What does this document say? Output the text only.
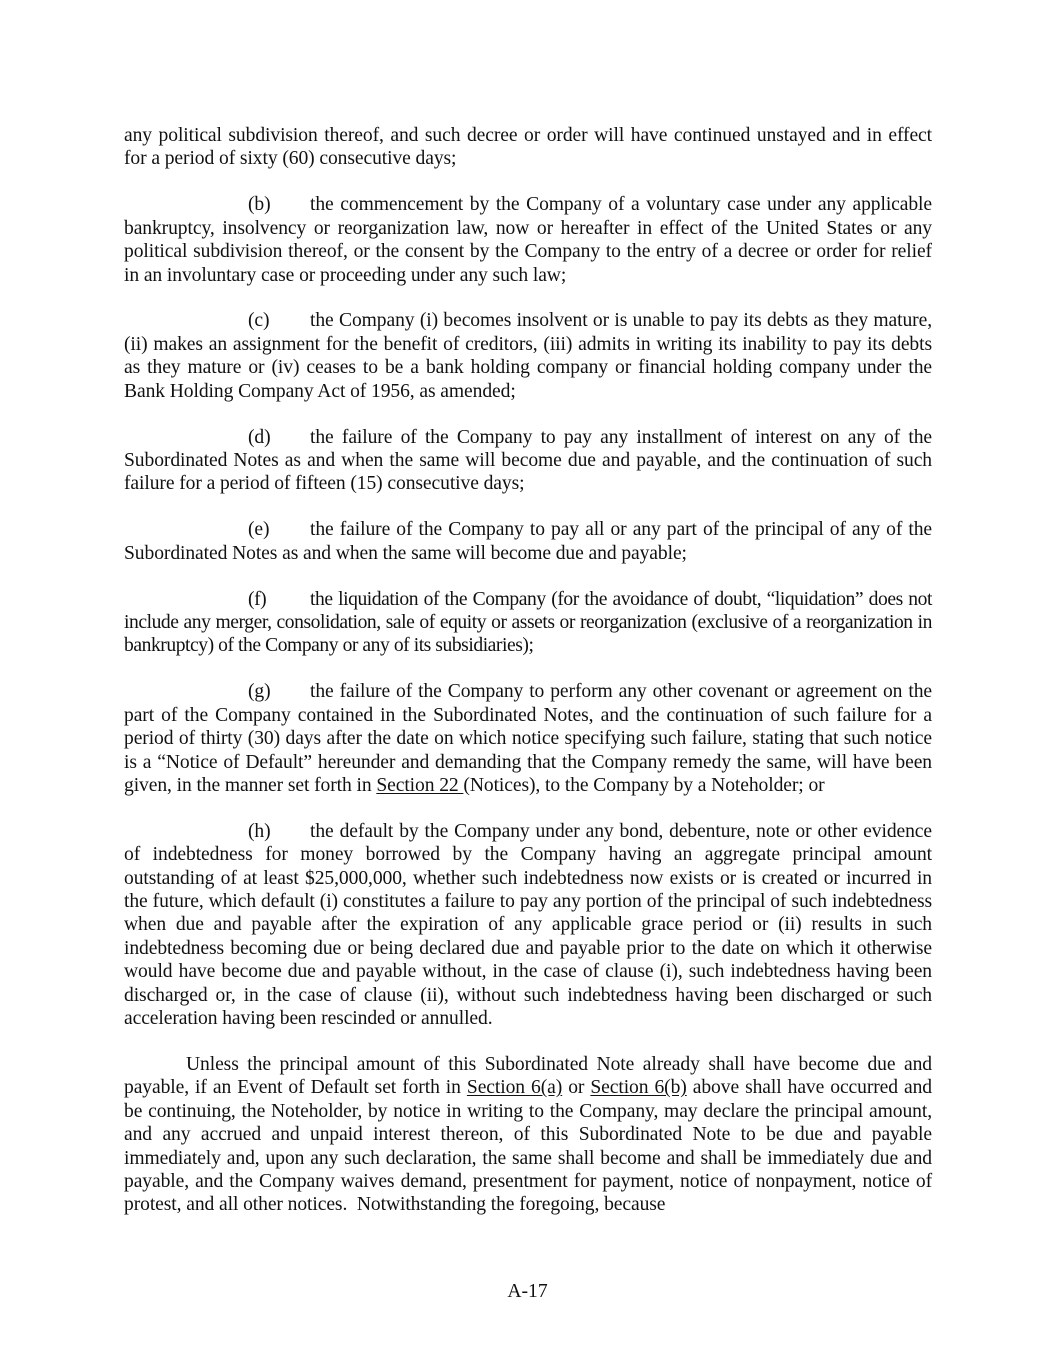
any political subdivision thereof, and such decree or order will have continued unstayed and in effect for a period of sixty (60) consecutive days;

(b) the commencement by the Company of a voluntary case under any applicable bankruptcy, insolvency or reorganization law, now or hereafter in effect of the United States or any political subdivision thereof, or the consent by the Company to the entry of a decree or order for relief in an involuntary case or proceeding under any such law;

(c) the Company (i) becomes insolvent or is unable to pay its debts as they mature, (ii) makes an assignment for the benefit of creditors, (iii) admits in writing its inability to pay its debts as they mature or (iv) ceases to be a bank holding company or financial holding company under the Bank Holding Company Act of 1956, as amended;

(d) the failure of the Company to pay any installment of interest on any of the Subordinated Notes as and when the same will become due and payable, and the continuation of such failure for a period of fifteen (15) consecutive days;

(e) the failure of the Company to pay all or any part of the principal of any of the Subordinated Notes as and when the same will become due and payable;

(f) the liquidation of the Company (for the avoidance of doubt, “liquidation” does not include any merger, consolidation, sale of equity or assets or reorganization (exclusive of a reorganization in bankruptcy) of the Company or any of its subsidiaries);

(g) the failure of the Company to perform any other covenant or agreement on the part of the Company contained in the Subordinated Notes, and the continuation of such failure for a period of thirty (30) days after the date on which notice specifying such failure, stating that such notice is a “Notice of Default” hereunder and demanding that the Company remedy the same, will have been given, in the manner set forth in Section 22 (Notices), to the Company by a Noteholder; or

(h) the default by the Company under any bond, debenture, note or other evidence of indebtedness for money borrowed by the Company having an aggregate principal amount outstanding of at least $25,000,000, whether such indebtedness now exists or is created or incurred in the future, which default (i) constitutes a failure to pay any portion of the principal of such indebtedness when due and payable after the expiration of any applicable grace period or (ii) results in such indebtedness becoming due or being declared due and payable prior to the date on which it otherwise would have become due and payable without, in the case of clause (i), such indebtedness having been discharged or, in the case of clause (ii), without such indebtedness having been discharged or such acceleration having been rescinded or annulled.

Unless the principal amount of this Subordinated Note already shall have become due and payable, if an Event of Default set forth in Section 6(a) or Section 6(b) above shall have occurred and be continuing, the Noteholder, by notice in writing to the Company, may declare the principal amount, and any accrued and unpaid interest thereon, of this Subordinated Note to be due and payable immediately and, upon any such declaration, the same shall become and shall be immediately due and payable, and the Company waives demand, presentment for payment, notice of nonpayment, notice of protest, and all other notices.  Notwithstanding the foregoing, because

A-17
